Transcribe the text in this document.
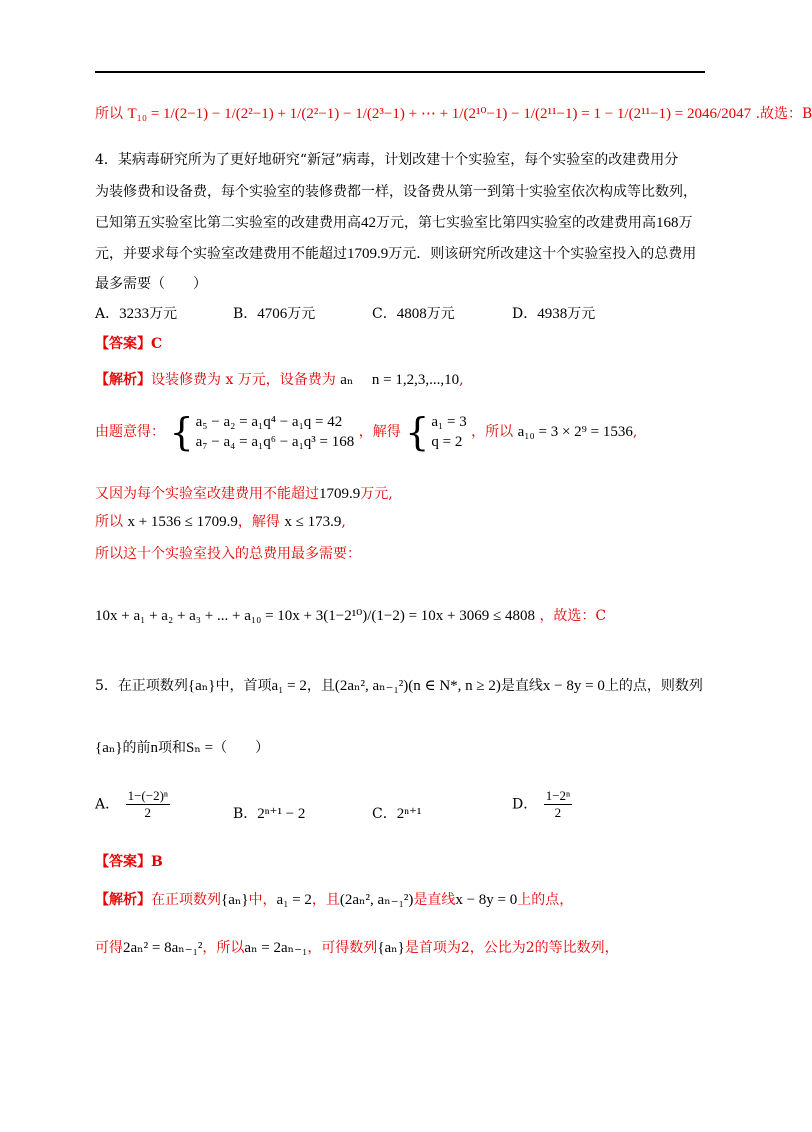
所以 T₁₀ = 1/(2−1) − 1/(2²−1) + 1/(2²−1) − 1/(2³−1) + ⋯ + 1/(2¹⁰−1) − 1/(2¹¹−1) = 1 − 1/(2¹¹−1) = 2046/2047 .故选：B
4．某病毒研究所为了更好地研究“新冠”病毒，计划改建十个实验室，每个实验室的改建费用分
为装修费和设备费，每个实验室的装修费都一样，设备费从第一到第十实验室依次构成等比数列，
已知第五实验室比第二实验室的改建费用高42万元，第七实验室比第四实验室的改建费用高168万
元，并要求每个实验室改建费用不能超过1709.9万元．则该研究所改建这十个实验室投入的总费用
最多需要（　　）
A．3233万元	B．4706万元	C．4808万元	D．4938万元
【答案】C
【解析】设装修费为 x 万元，设备费为 aₙ n = 1,2,3,...,10,
由题意得： { a₅ − a₂ = a₁q⁴ − a₁q = 42
a₇ − a₄ = a₁q⁶ − a₁q³ = 168
，解得 { a₁ = 3
q = 2
，所以 a₁₀ = 3 × 2⁹ = 1536,
又因为每个实验室改建费用不能超过1709.9万元,
所以 x + 1536 ≤ 1709.9，解得 x ≤ 173.9,
所以这十个实验室投入的总费用最多需要：
10x + a₁ + a₂ + a₃ + ... + a₁₀ = 10x + 3(1−2¹⁰)/(1−2) = 10x + 3069 ≤ 4808 ，故选：C
5．在正项数列{aₙ}中，首项a₁ = 2，且(2aₙ², aₙ₋₁²)(n ∈ N*, n ≥ 2)是直线x − 8y = 0上的点，则数列
{aₙ}的前n项和Sₙ =（　　）
A． $\frac{\text{1−(−2)ⁿ}}{2}$	B．2ⁿ⁺¹ − 2	C．2ⁿ⁺¹
D． $\frac{\text{1−2ⁿ}}{2}$
【答案】B
【解析】在正项数列{aₙ}中，a₁ = 2，且(2aₙ², aₙ₋₁²)是直线x − 8y = 0上的点，
可得2aₙ² = 8aₙ₋₁²，所以aₙ = 2aₙ₋₁，可得数列{aₙ}是首项为2，公比为2的等比数列，
